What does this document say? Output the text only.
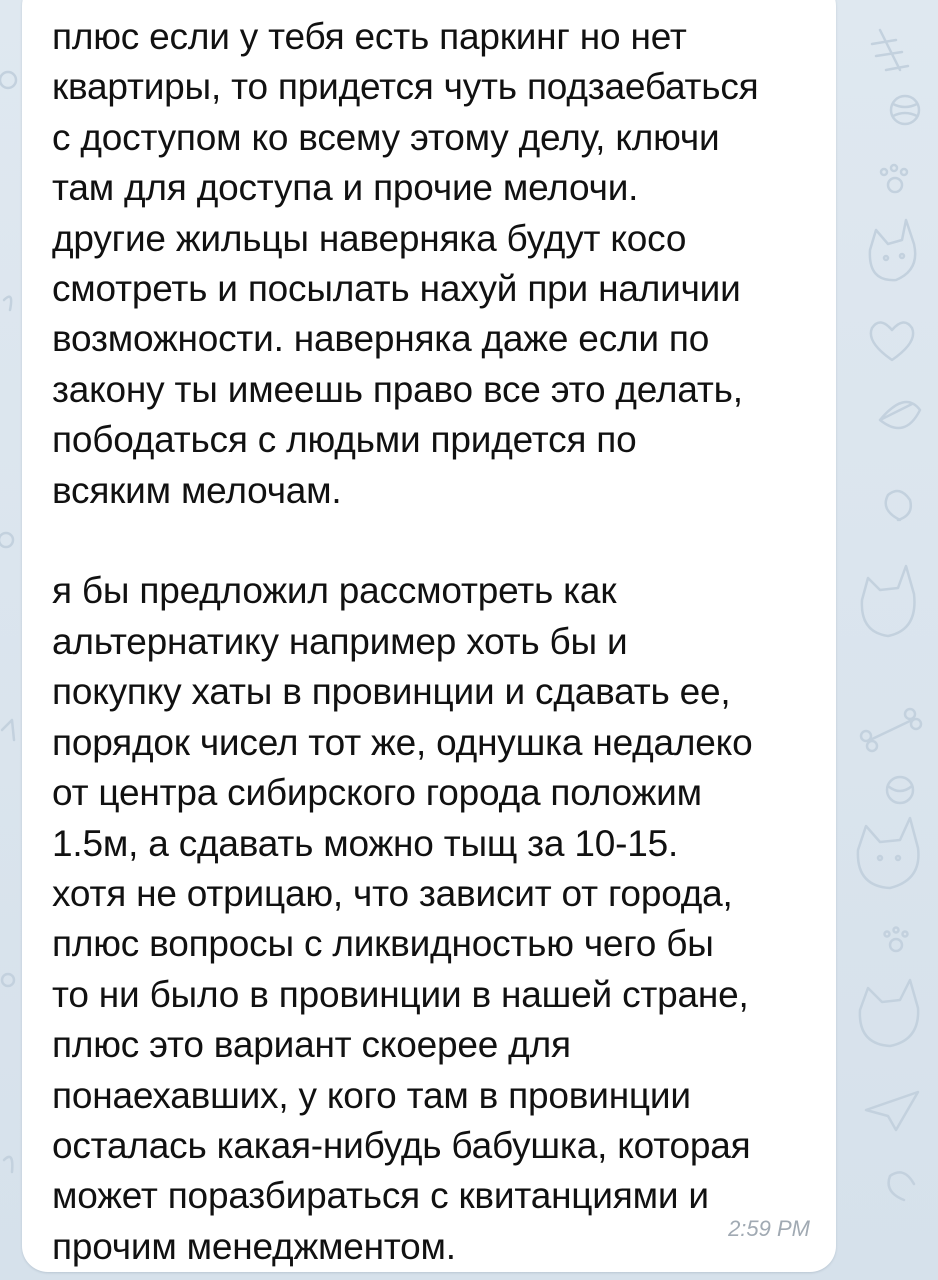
плюс если у тебя есть паркинг но нет
квартиры, то придется чуть подзаебаться
с доступом ко всему этому делу, ключи
там для доступа и прочие мелочи.
другие жильцы наверняка будут косо
смотреть и посылать нахуй при наличии
возможности. наверняка даже если по
закону ты имеешь право все это делать,
пободаться с людьми придется по
всяким мелочам.

я бы предложил рассмотреть как
альтернатику например хоть бы и
покупку хаты в провинции и сдавать ее,
порядок чисел тот же, однушка недалеко
от центра сибирского города положим
1.5м, а сдавать можно тыщ за 10-15.
хотя не отрицаю, что зависит от города,
плюс вопросы с ликвидностью чего бы
то ни было в провинции в нашей стране,
плюс это вариант скоерее для
понаехавших, у кого там в провинции
осталась какая-нибудь бабушка, которая
может поразбираться с квитанциями и
прочим менеджментом.	2:59 PM
